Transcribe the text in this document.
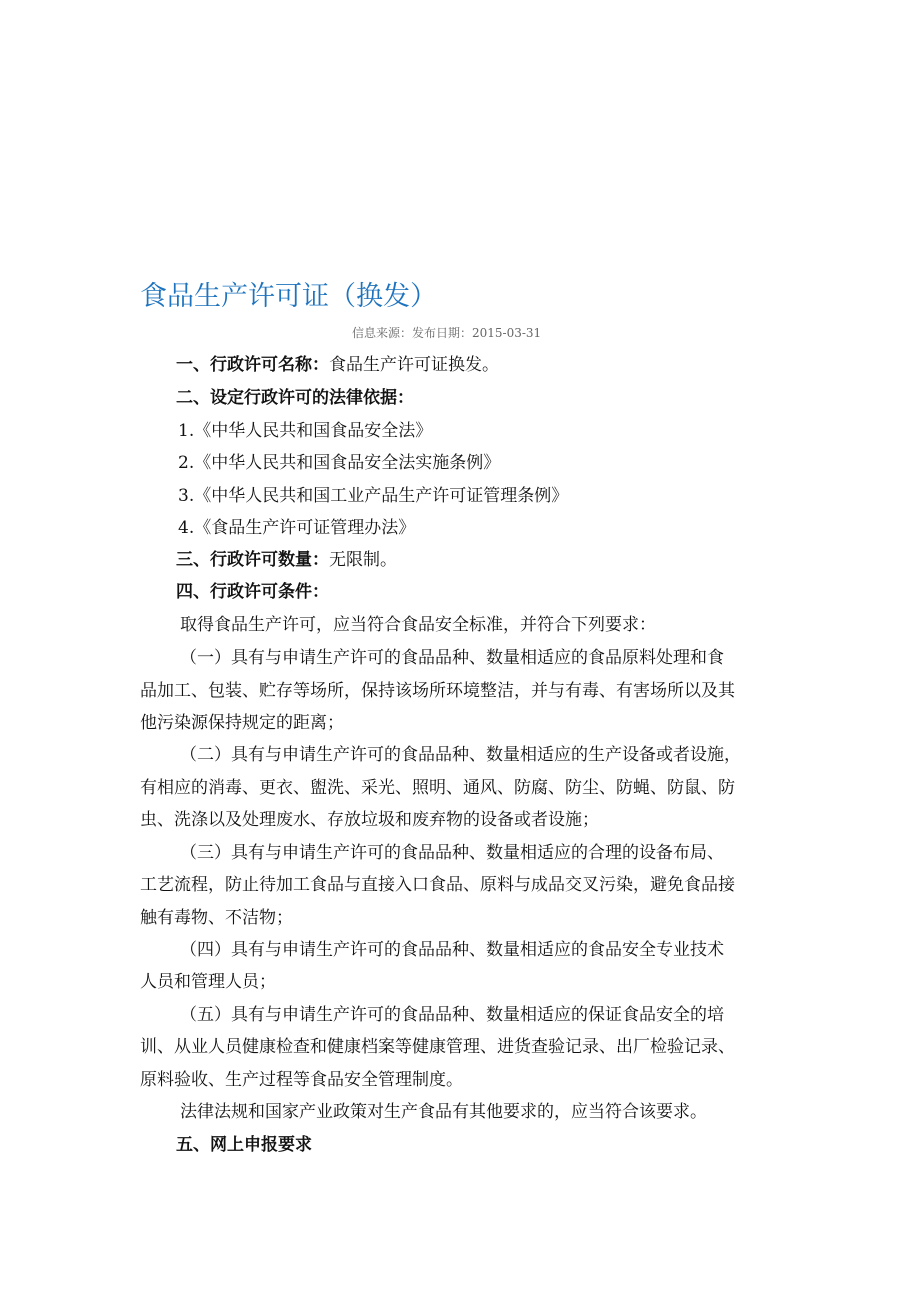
食品生产许可证（换发）
信息来源：发布日期：2015-03-31
一、行政许可名称：食品生产许可证换发。
二、设定行政许可的法律依据：
1.《中华人民共和国食品安全法》
2.《中华人民共和国食品安全法实施条例》
3.《中华人民共和国工业产品生产许可证管理条例》
4.《食品生产许可证管理办法》
三、行政许可数量：无限制。
四、行政许可条件：
取得食品生产许可，应当符合食品安全标准，并符合下列要求：
（一）具有与申请生产许可的食品品种、数量相适应的食品原料处理和食
品加工、包装、贮存等场所，保持该场所环境整洁，并与有毒、有害场所以及其
他污染源保持规定的距离；
（二）具有与申请生产许可的食品品种、数量相适应的生产设备或者设施，
有相应的消毒、更衣、盥洗、采光、照明、通风、防腐、防尘、防蝇、防鼠、防
虫、洗涤以及处理废水、存放垃圾和废弃物的设备或者设施；
（三）具有与申请生产许可的食品品种、数量相适应的合理的设备布局、
工艺流程，防止待加工食品与直接入口食品、原料与成品交叉污染，避免食品接
触有毒物、不洁物；
（四）具有与申请生产许可的食品品种、数量相适应的食品安全专业技术
人员和管理人员；
（五）具有与申请生产许可的食品品种、数量相适应的保证食品安全的培
训、从业人员健康检查和健康档案等健康管理、进货查验记录、出厂检验记录、
原料验收、生产过程等食品安全管理制度。
法律法规和国家产业政策对生产食品有其他要求的，应当符合该要求。
五、网上申报要求
